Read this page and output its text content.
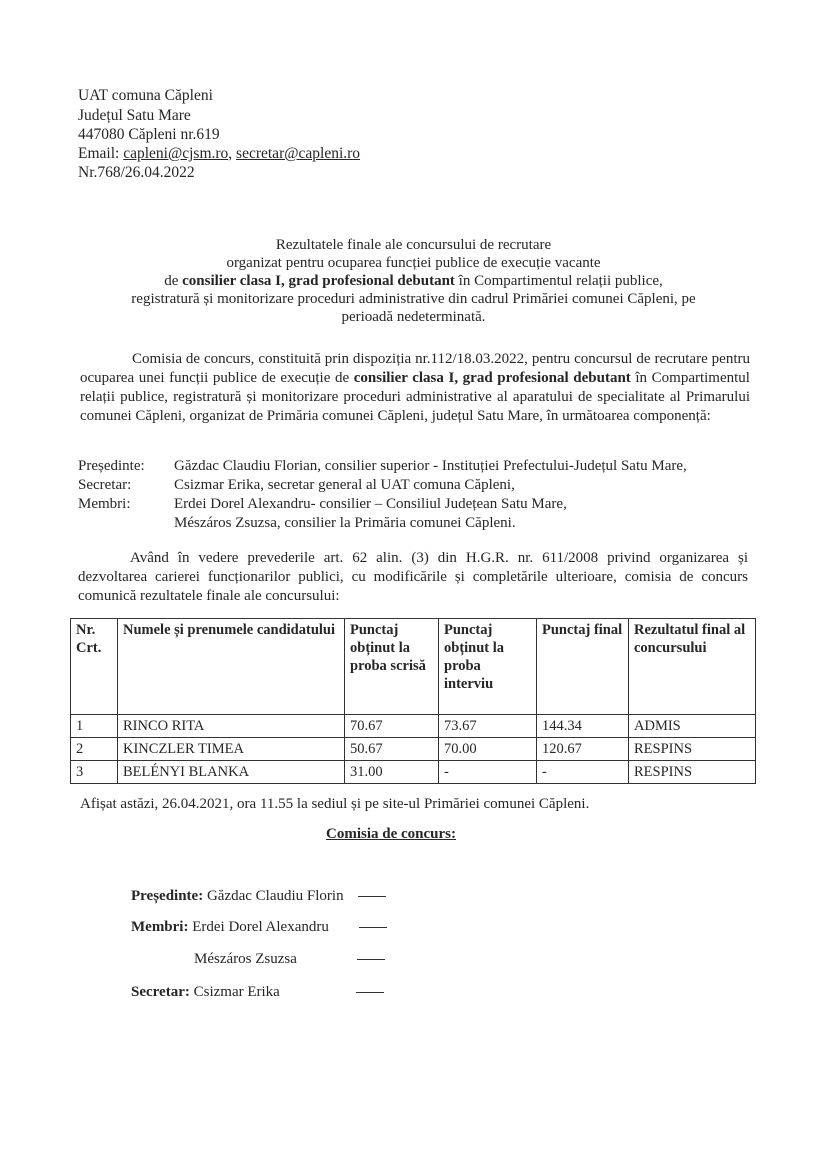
UAT comuna Căpleni
Județul Satu Mare
447080 Căpleni nr.619
Email: capleni@cjsm.ro, secretar@capleni.ro
Nr.768/26.04.2022
Rezultatele finale ale concursului de recrutare
organizat pentru ocuparea funcției publice de execuție vacante
de consilier clasa I, grad profesional debutant în Compartimentul relații publice,
registratură și monitorizare proceduri administrative din cadrul Primăriei comunei Căpleni, pe
perioadă nedeterminată.
Comisia de concurs, constituită prin dispoziția nr.112/18.03.2022, pentru concursul de recrutare pentru ocuparea unei funcții publice de execuție de consilier clasa I, grad profesional debutant în Compartimentul relații publice, registratură și monitorizare proceduri administrative al aparatului de specialitate al Primarului comunei Căpleni, organizat de Primăria comunei Căpleni, județul Satu Mare, în următoarea componență:
Președinte: Găzdac Claudiu Florian, consilier superior - Instituției Prefectului-Județul Satu Mare,
Secretar:	Csizmar Erika, secretar general al UAT comuna Căpleni,
Membri:	Erdei Dorel Alexandru- consilier – Consiliul Județean Satu Mare,
Mészáros Zsuzsa, consilier la Primăria comunei Căpleni.
Având în vedere prevederile art. 62 alin. (3) din H.G.R. nr. 611/2008 privind organizarea și dezvoltarea carierei funcționarilor publici, cu modificările și completările ulterioare, comisia de concurs comunică rezultatele finale ale concursului:
Nr. Crt.	Numele și prenumele candidatului	Punctaj obținut la proba scrisă	Punctaj obținut la proba interviu	Punctaj final	Rezultatul final al concursului
1	RINCO RITA	70.67	73.67	144.34	ADMIS
2	KINCZLER TIMEA	50.67	70.00	120.67	RESPINS
3	BELÉNYI BLANKA	31.00	-	-	RESPINS
Afișat astăzi, 26.04.2021, ora 11.55 la sediul și pe site-ul Primăriei comunei Căpleni.
Comisia de concurs:
Președinte: Găzdac Claudiu Florin
Membri: Erdei Dorel Alexandru
Mészáros Zsuzsa
Secretar: Csizmar Erika
